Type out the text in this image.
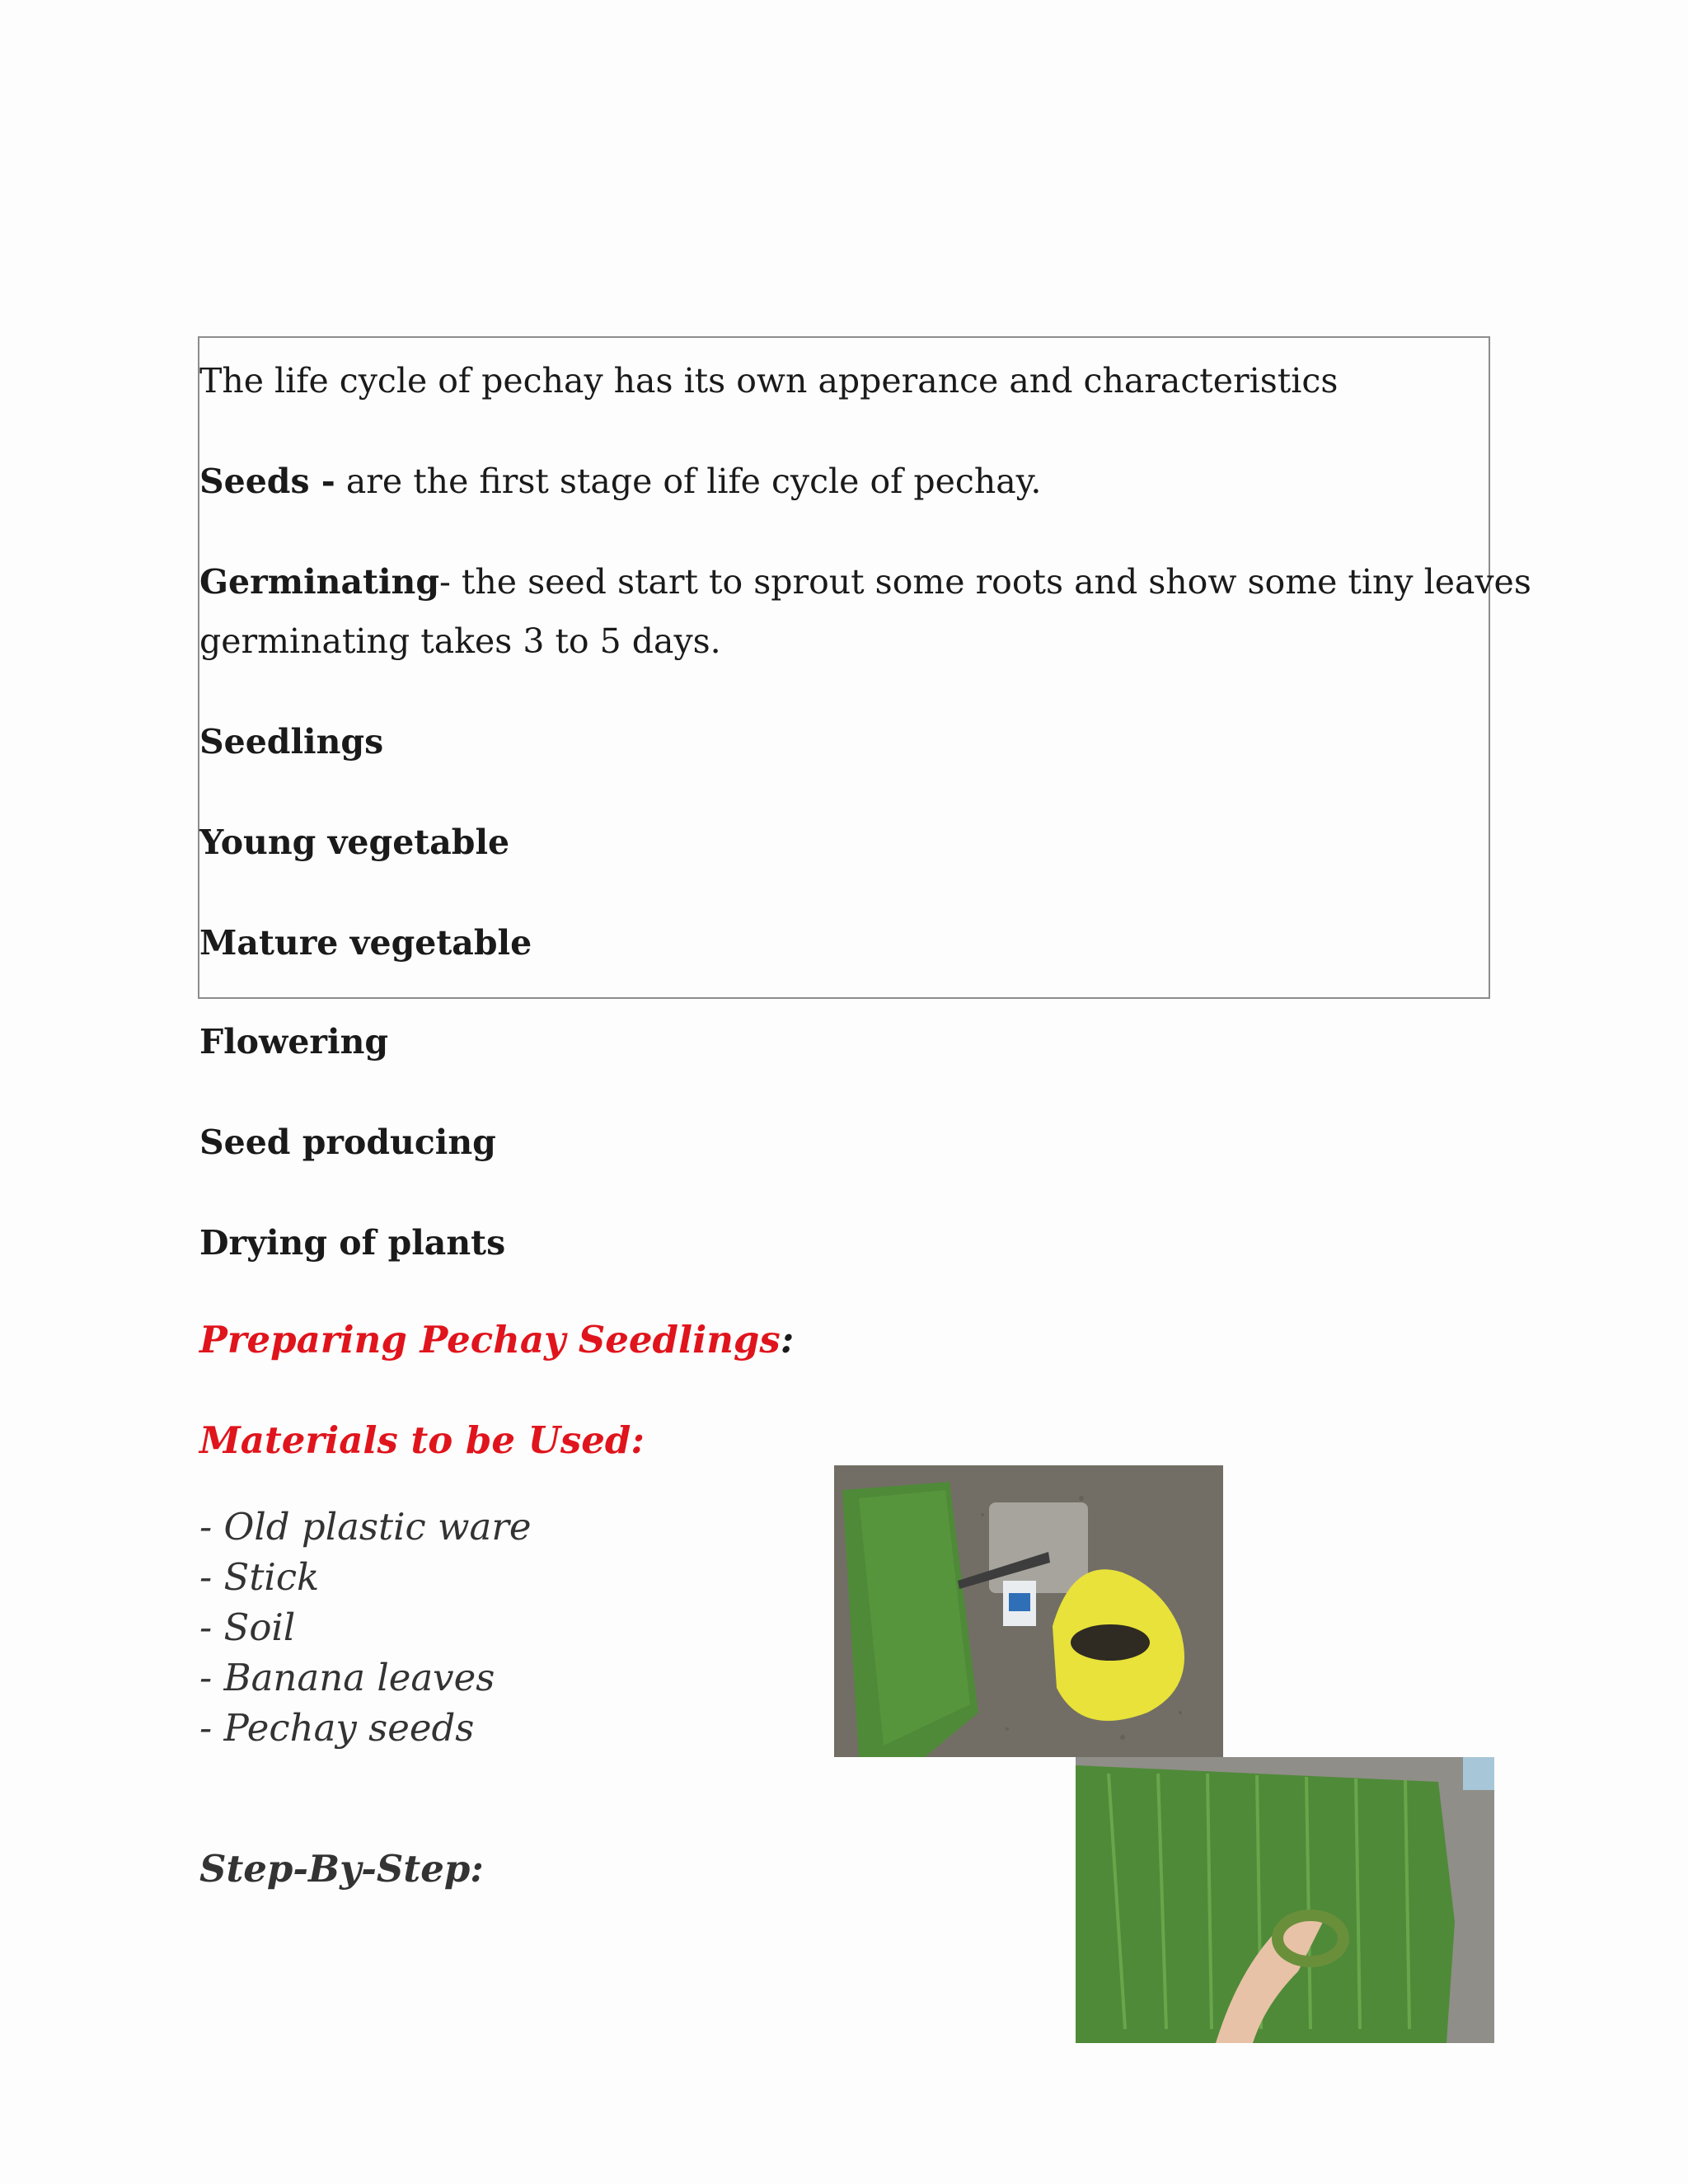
The life cycle of pechay has its own apperance and characteristics
Seeds - are the first stage of life cycle of pechay.
Germinating- the seed start to sprout some roots and show some tiny leaves
germinating takes 3 to 5 days.
Seedlings
Young vegetable
Mature vegetable
Flowering
Seed producing
Drying of plants
Preparing Pechay Seedlings:
Materials to be Used:
- Old plastic ware
- Stick
- Soil
- Banana leaves
- Pechay seeds
Step-By-Step:
